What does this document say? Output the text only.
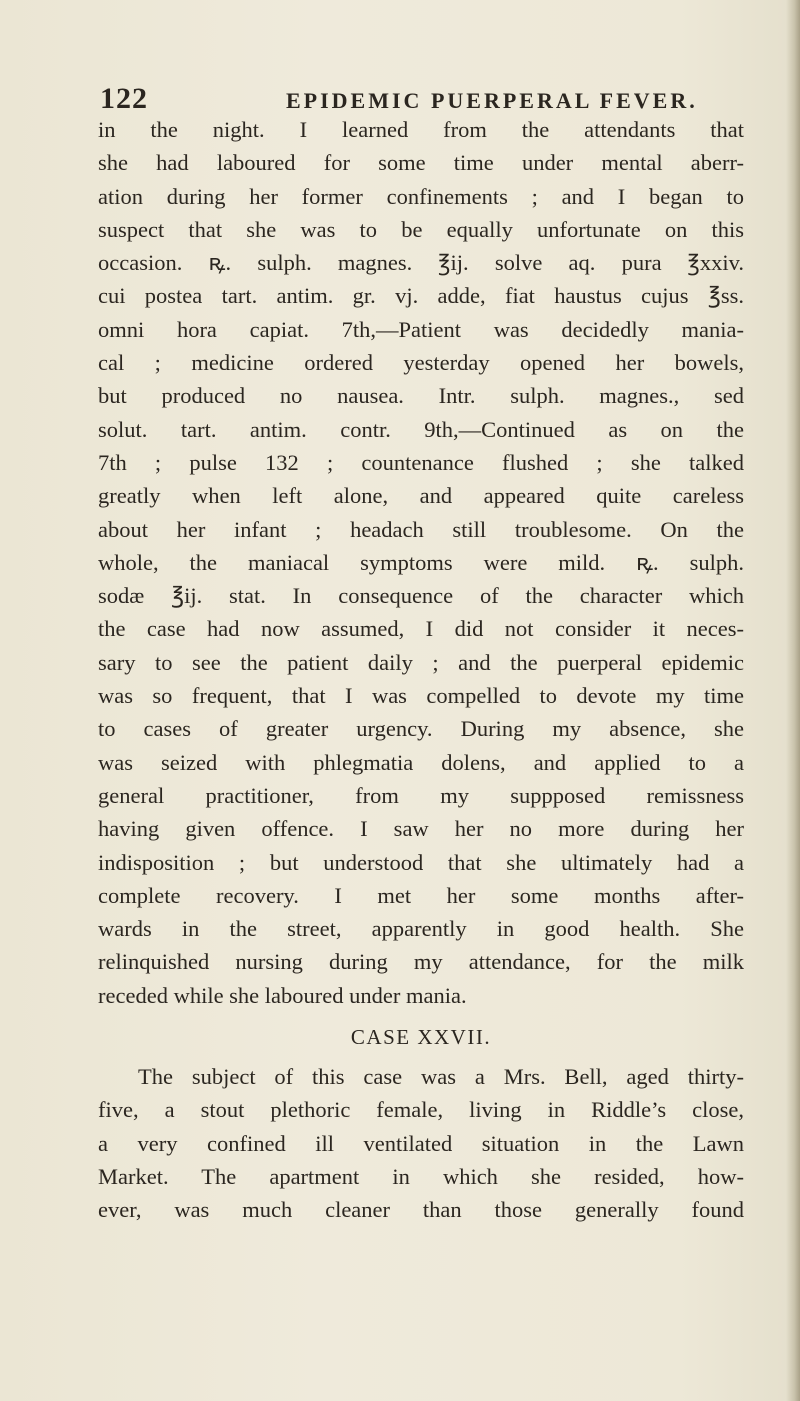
122	EPIDEMIC PUERPERAL FEVER.
in the night. I learned from the attendants that
she had laboured for some time under mental aberr-
ation during her former confinements ; and I began to
suspect that she was to be equally unfortunate on this
occasion. ꝶ. sulph. magnes. ℥ij. solve aq. pura ℥xxiv.
cui postea tart. antim. gr. vj. adde, fiat haustus cujus ℥ss.
omni hora capiat. 7th,—Patient was decidedly mania-
cal ; medicine ordered yesterday opened her bowels,
but produced no nausea. Intr. sulph. magnes., sed
solut. tart. antim. contr. 9th,—Continued as on the
7th ; pulse 132 ; countenance flushed ; she talked
greatly when left alone, and appeared quite careless
about her infant ; headach still troublesome. On the
whole, the maniacal symptoms were mild. ꝶ. sulph.
sodæ ℥ij. stat. In consequence of the character which
the case had now assumed, I did not consider it neces-
sary to see the patient daily ; and the puerperal epidemic
was so frequent, that I was compelled to devote my time
to cases of greater urgency. During my absence, she
was seized with phlegmatia dolens, and applied to a
general practitioner, from my suppposed remissness
having given offence. I saw her no more during her
indisposition ; but understood that she ultimately had a
complete recovery. I met her some months after-
wards in the street, apparently in good health. She
relinquished nursing during my attendance, for the milk
receded while she laboured under mania.
CASE XXVII.
The subject of this case was a Mrs. Bell, aged thirty-
five, a stout plethoric female, living in Riddle’s close,
a very confined ill ventilated situation in the Lawn
Market. The apartment in which she resided, how-
ever, was much cleaner than those generally found
